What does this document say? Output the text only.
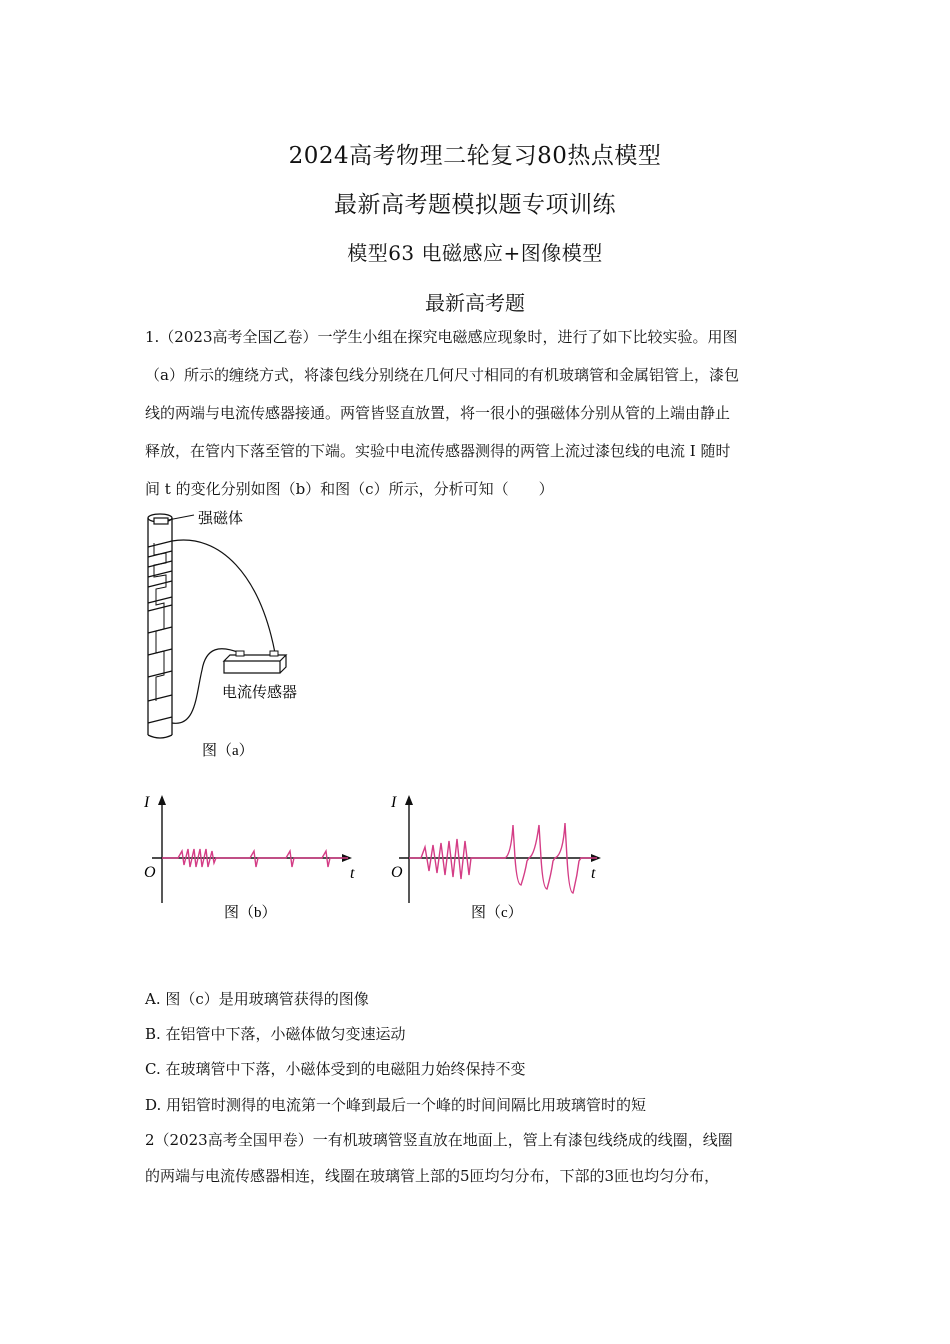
2024高考物理二轮复习80热点模型
最新高考题模拟题专项训练
模型63 电磁感应+图像模型
最新高考题
1.（2023高考全国乙卷）一学生小组在探究电磁感应现象时，进行了如下比较实验。用图
（a）所示的缠绕方式，将漆包线分别绕在几何尺寸相同的有机玻璃管和金属铝管上，漆包
线的两端与电流传感器接通。两管皆竖直放置，将一很小的强磁体分别从管的上端由静止
释放，在管内下落至管的下端。实验中电流传感器测得的两管上流过漆包线的电流 I 随时
间 t 的变化分别如图（b）和图（c）所示，分析可知（　　）
强磁体
电流传感器
图（a）
I
O	t
图（b）
I
O	t
图（c）
A. 图（c）是用玻璃管获得的图像
B. 在铝管中下落，小磁体做匀变速运动
C. 在玻璃管中下落，小磁体受到的电磁阻力始终保持不变
D. 用铝管时测得的电流第一个峰到最后一个峰的时间间隔比用玻璃管时的短
2（2023高考全国甲卷）一有机玻璃管竖直放在地面上，管上有漆包线绕成的线圈，线圈
的两端与电流传感器相连，线圈在玻璃管上部的5匝均匀分布，下部的3匝也均匀分布，
